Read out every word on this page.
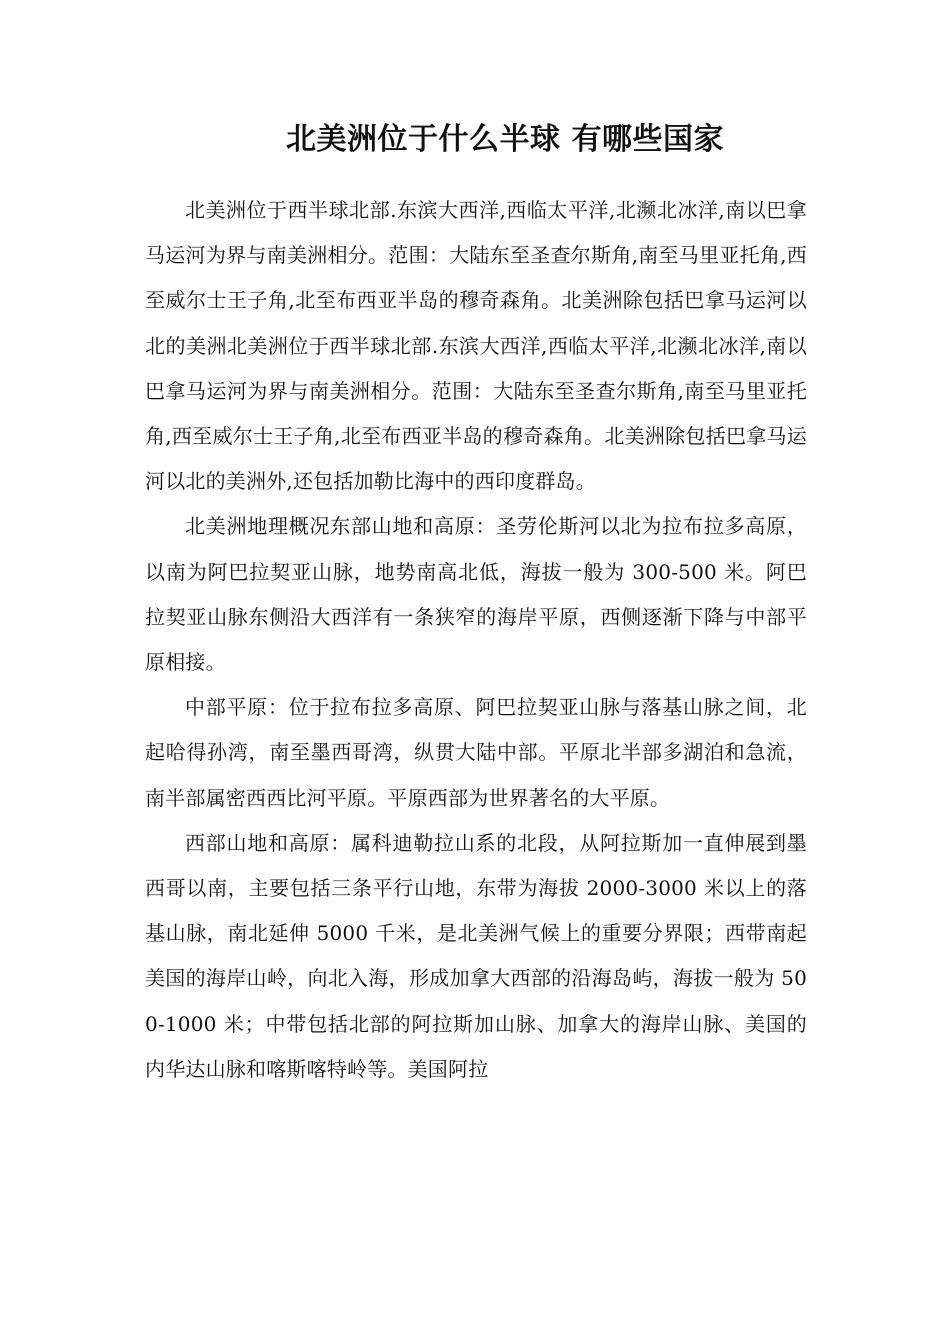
北美洲位于什么半球 有哪些国家

北美洲位于西半球北部.东滨大西洋,西临太平洋,北濒北冰洋,南以巴拿马运河为界与南美洲相分。范围：大陆东至圣查尔斯角,南至马里亚托角,西至威尔士王子角,北至布西亚半岛的穆奇森角。北美洲除包括巴拿马运河以北的美洲北美洲位于西半球北部.东滨大西洋,西临太平洋,北濒北冰洋,南以巴拿马运河为界与南美洲相分。范围：大陆东至圣查尔斯角,南至马里亚托角,西至威尔士王子角,北至布西亚半岛的穆奇森角。北美洲除包括巴拿马运河以北的美洲外,还包括加勒比海中的西印度群岛。

北美洲地理概况东部山地和高原：圣劳伦斯河以北为拉布拉多高原，以南为阿巴拉契亚山脉，地势南高北低，海拔一般为 300-500 米。阿巴拉契亚山脉东侧沿大西洋有一条狭窄的海岸平原，西侧逐渐下降与中部平原相接。

中部平原：位于拉布拉多高原、阿巴拉契亚山脉与落基山脉之间，北起哈得孙湾，南至墨西哥湾，纵贯大陆中部。平原北半部多湖泊和急流，南半部属密西西比河平原。平原西部为世界著名的大平原。

西部山地和高原：属科迪勒拉山系的北段，从阿拉斯加一直伸展到墨西哥以南，主要包括三条平行山地，东带为海拔 2000-3000 米以上的落基山脉，南北延伸 5000 千米，是北美洲气候上的重要分界限；西带南起美国的海岸山岭，向北入海，形成加拿大西部的沿海岛屿，海拔一般为 500-1000 米；中带包括北部的阿拉斯加山脉、加拿大的海岸山脉、美国的内华达山脉和喀斯喀特岭等。美国阿拉
